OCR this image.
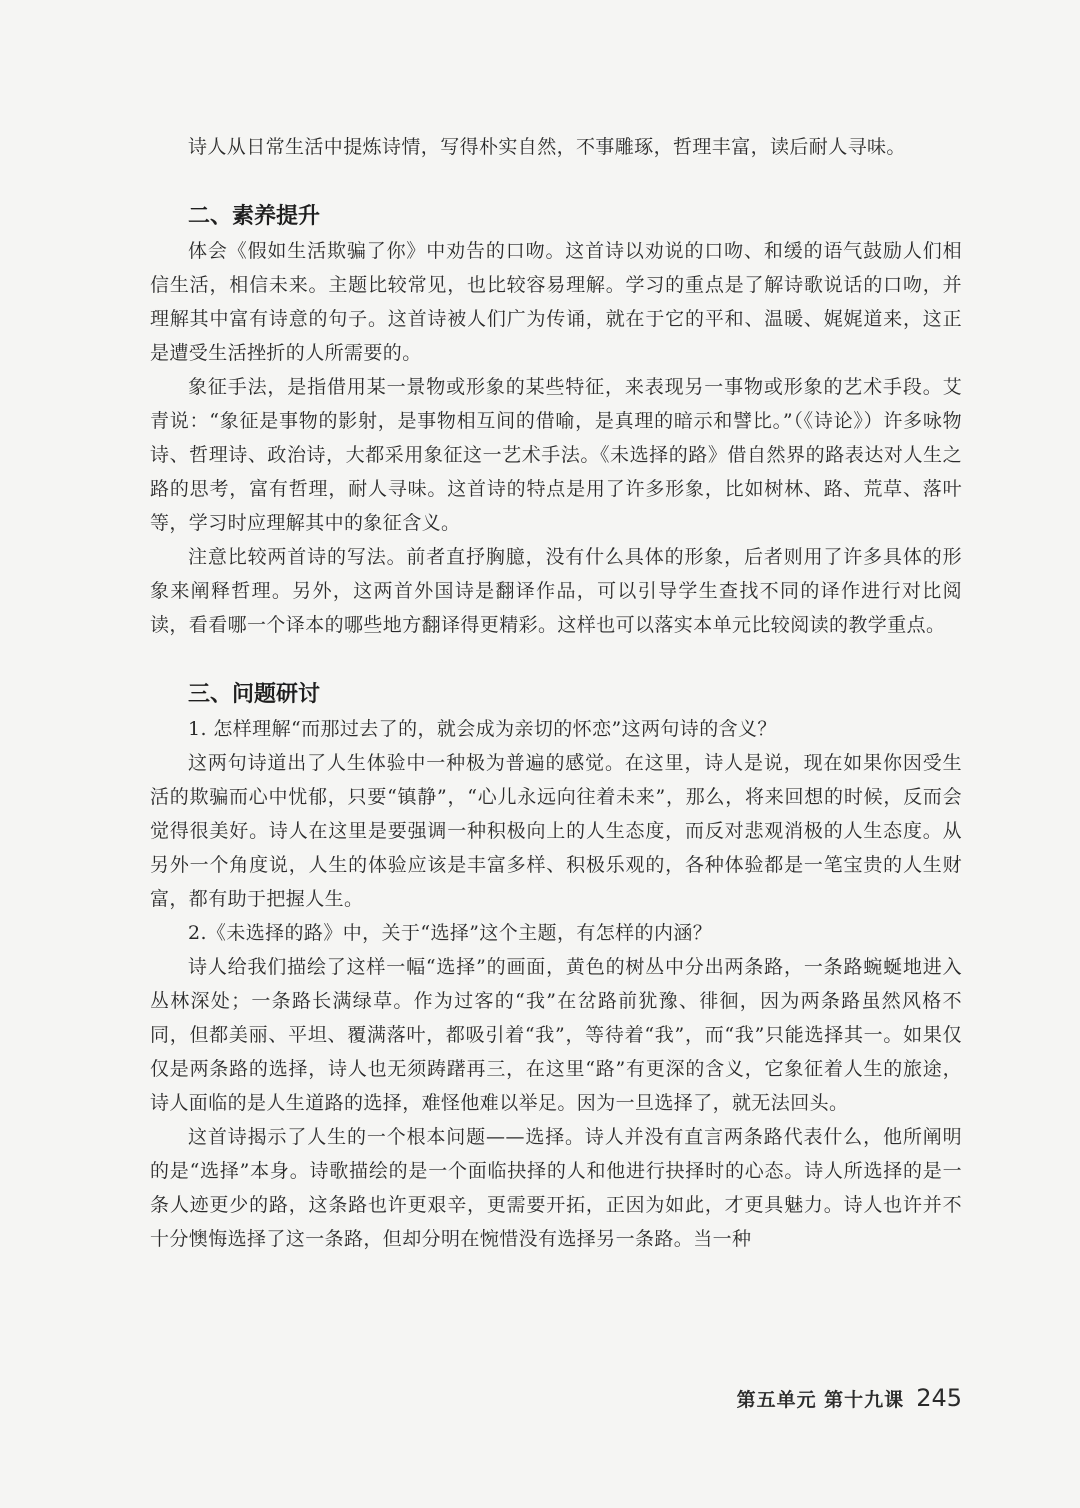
诗人从日常生活中提炼诗情，写得朴实自然，不事雕琢，哲理丰富，读后耐人寻味。

二、素养提升

体会《假如生活欺骗了你》中劝告的口吻。这首诗以劝说的口吻、和缓的语气鼓励人们相信生活，相信未来。主题比较常见，也比较容易理解。学习的重点是了解诗歌说话的口吻，并理解其中富有诗意的句子。这首诗被人们广为传诵，就在于它的平和、温暖、娓娓道来，这正是遭受生活挫折的人所需要的。

象征手法，是指借用某一景物或形象的某些特征，来表现另一事物或形象的艺术手段。艾青说：“象征是事物的影射，是事物相互间的借喻，是真理的暗示和譬比。”（《诗论》）许多咏物诗、哲理诗、政治诗，大都采用象征这一艺术手法。《未选择的路》借自然界的路表达对人生之路的思考，富有哲理，耐人寻味。这首诗的特点是用了许多形象，比如树林、路、荒草、落叶等，学习时应理解其中的象征含义。

注意比较两首诗的写法。前者直抒胸臆，没有什么具体的形象，后者则用了许多具体的形象来阐释哲理。另外，这两首外国诗是翻译作品，可以引导学生查找不同的译作进行对比阅读，看看哪一个译本的哪些地方翻译得更精彩。这样也可以落实本单元比较阅读的教学重点。

三、问题研讨

1. 怎样理解“而那过去了的，就会成为亲切的怀恋”这两句诗的含义？

这两句诗道出了人生体验中一种极为普遍的感觉。在这里，诗人是说，现在如果你因受生活的欺骗而心中忧郁，只要“镇静”，“心儿永远向往着未来”，那么，将来回想的时候，反而会觉得很美好。诗人在这里是要强调一种积极向上的人生态度，而反对悲观消极的人生态度。从另外一个角度说，人生的体验应该是丰富多样、积极乐观的，各种体验都是一笔宝贵的人生财富，都有助于把握人生。

2.《未选择的路》中，关于“选择”这个主题，有怎样的内涵？

诗人给我们描绘了这样一幅“选择”的画面，黄色的树丛中分出两条路，一条路蜿蜒地进入丛林深处；一条路长满绿草。作为过客的“我”在岔路前犹豫、徘徊，因为两条路虽然风格不同，但都美丽、平坦、覆满落叶，都吸引着“我”，等待着“我”，而“我”只能选择其一。如果仅仅是两条路的选择，诗人也无须踌躇再三，在这里“路”有更深的含义，它象征着人生的旅途，诗人面临的是人生道路的选择，难怪他难以举足。因为一旦选择了，就无法回头。

这首诗揭示了人生的一个根本问题——选择。诗人并没有直言两条路代表什么，他所阐明的是“选择”本身。诗歌描绘的是一个面临抉择的人和他进行抉择时的心态。诗人所选择的是一条人迹更少的路，这条路也许更艰辛，更需要开拓，正因为如此，才更具魅力。诗人也许并不十分懊悔选择了这一条路，但却分明在惋惜没有选择另一条路。当一种

第五单元 第十九课 245
